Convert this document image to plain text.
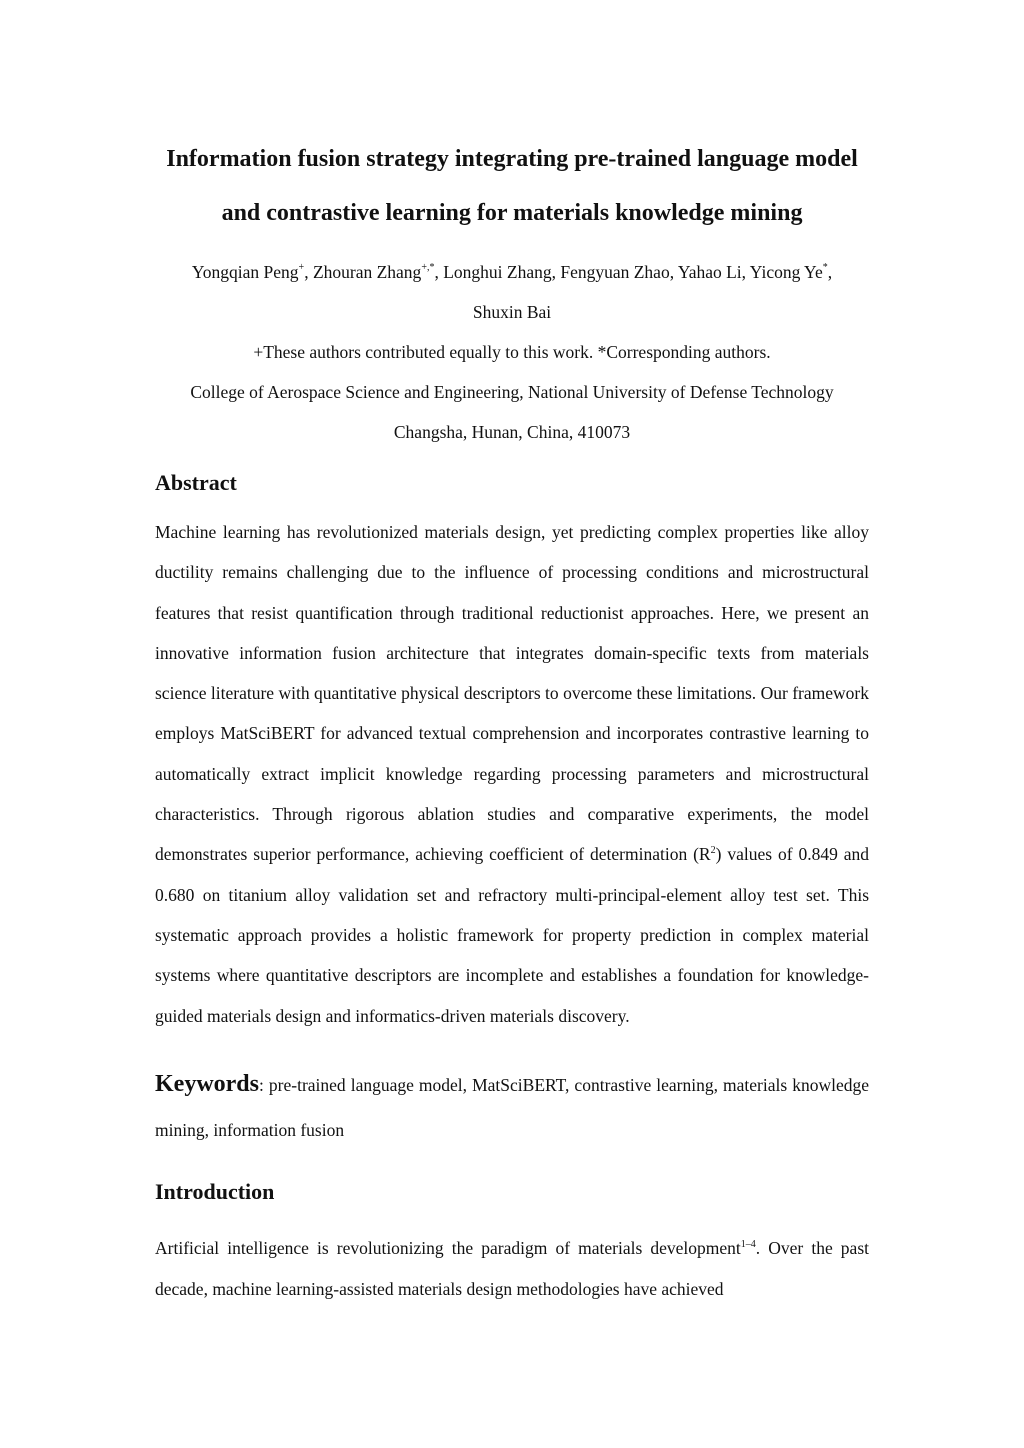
Information fusion strategy integrating pre-trained language model and contrastive learning for materials knowledge mining

Yongqian Peng+, Zhouran Zhang+,*, Longhui Zhang, Fengyuan Zhao, Yahao Li, Yicong Ye*,
Shuxin Bai

+These authors contributed equally to this work. *Corresponding authors.

College of Aerospace Science and Engineering, National University of Defense Technology

Changsha, Hunan, China, 410073

Abstract

Machine learning has revolutionized materials design, yet predicting complex properties like alloy ductility remains challenging due to the influence of processing conditions and microstructural features that resist quantification through traditional reductionist approaches. Here, we present an innovative information fusion architecture that integrates domain-specific texts from materials science literature with quantitative physical descriptors to overcome these limitations. Our framework employs MatSciBERT for advanced textual comprehension and incorporates contrastive learning to automatically extract implicit knowledge regarding processing parameters and microstructural characteristics. Through rigorous ablation studies and comparative experiments, the model demonstrates superior performance, achieving coefficient of determination $(R^2)$ values of 0.849 and 0.680 on titanium alloy validation set and refractory multi-principal-element alloy test set. This systematic approach provides a holistic framework for property prediction in complex material systems where quantitative descriptors are incomplete and establishes a foundation for knowledge-guided materials design and informatics-driven materials discovery.

Keywords: pre-trained language model, MatSciBERT, contrastive learning, materials knowledge mining, information fusion

Introduction

Artificial intelligence is revolutionizing the paradigm of materials development$^{1-4}$. Over the past decade, machine learning-assisted materials design methodologies have achieved
